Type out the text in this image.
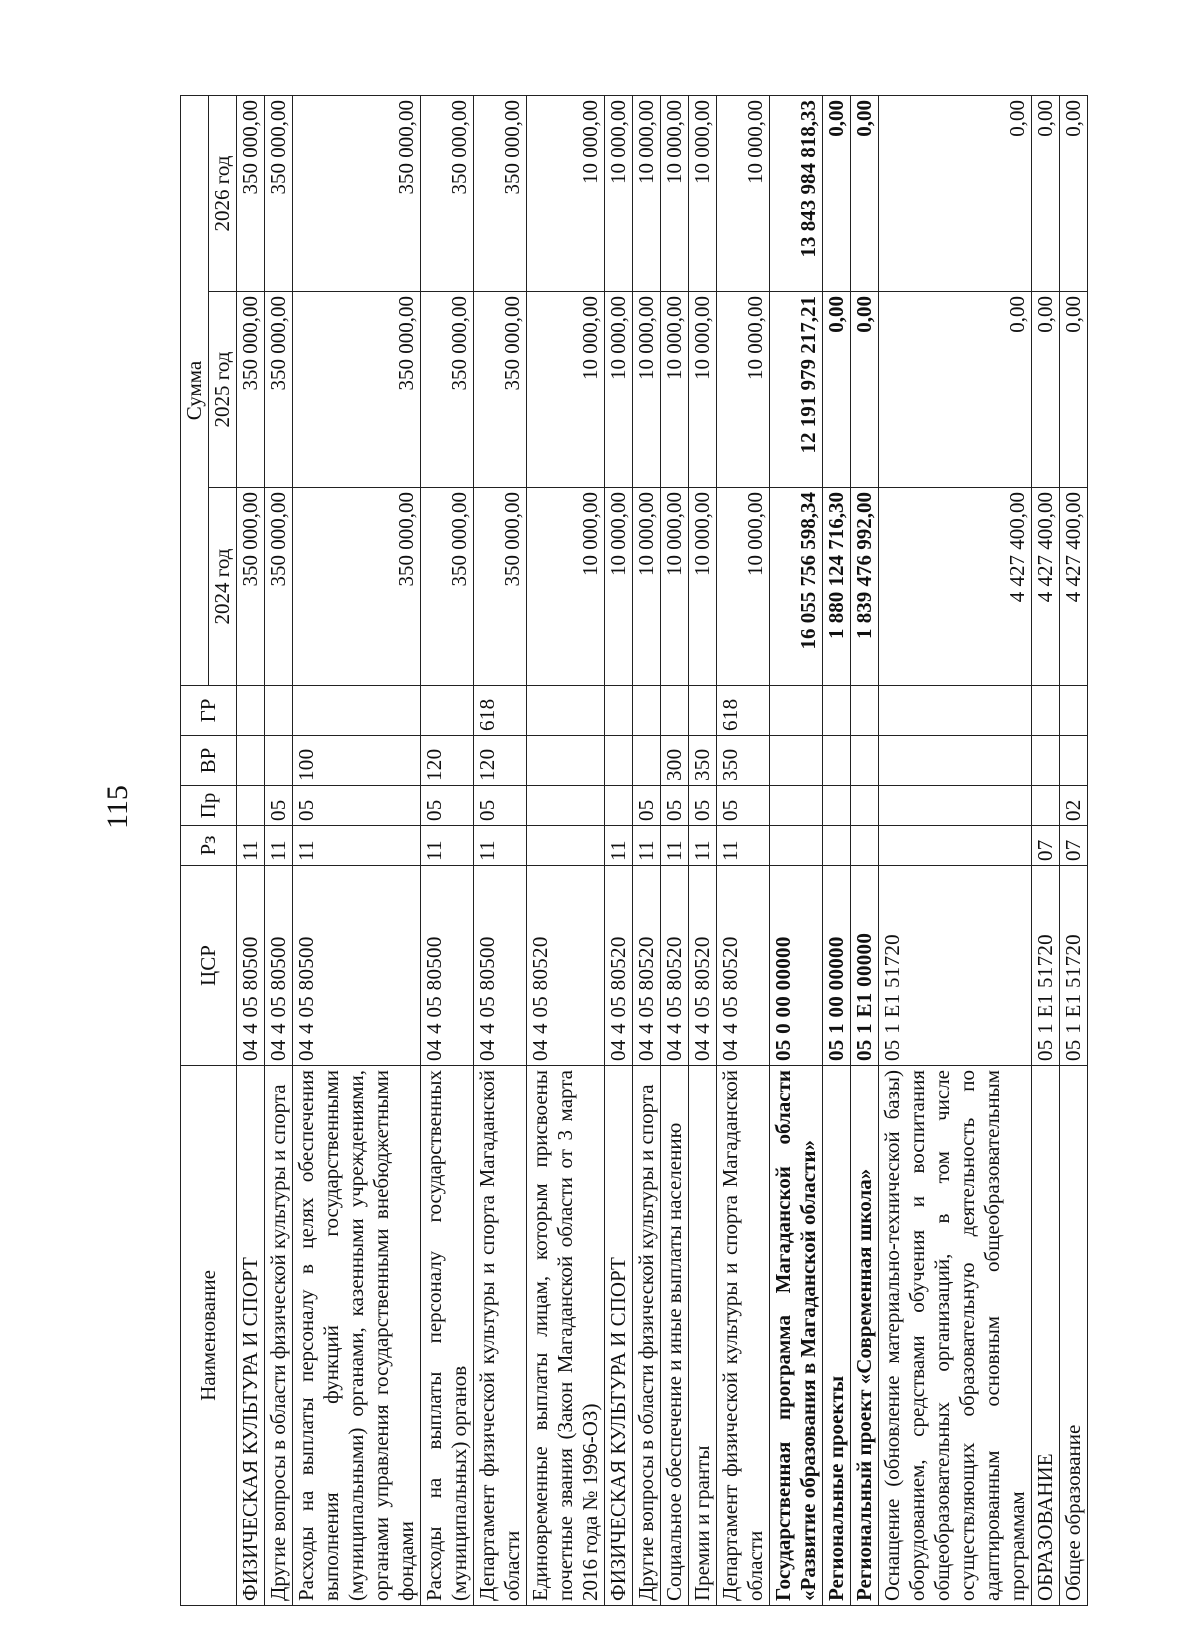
115
Наименование	ЦСР	Рз	Пр	ВР	ГР	Сумма		
						2024 год	2025 год	2026 год
ФИЗИЧЕСКАЯ КУЛЬТУРА И СПОРТ	04 4 05 80500	11				350 000,00	350 000,00	350 000,00
Другие вопросы в области физической культуры и спорта	04 4 05 80500	11	05			350 000,00	350 000,00	350 000,00
Расходы на выплаты персоналу в целях обеспечения выполнения функций государственными (муниципальными) органами, казенными учреждениями, органами управления государственными внебюджетными фондами	04 4 05 80500	11	05	100		350 000,00	350 000,00	350 000,00
Расходы на выплаты персоналу государственных (муниципальных) органов	04 4 05 80500	11	05	120		350 000,00	350 000,00	350 000,00
Департамент физической культуры и спорта Магаданской области	04 4 05 80500	11	05	120	618	350 000,00	350 000,00	350 000,00
Единовременные выплаты лицам, которым присвоены почетные звания (Закон Магаданской области от 3 марта 2016 года № 1996-ОЗ)	04 4 05 80520					10 000,00	10 000,00	10 000,00
ФИЗИЧЕСКАЯ КУЛЬТУРА И СПОРТ	04 4 05 80520	11				10 000,00	10 000,00	10 000,00
Другие вопросы в области физической культуры и спорта	04 4 05 80520	11	05			10 000,00	10 000,00	10 000,00
Социальное обеспечение и иные выплаты населению	04 4 05 80520	11	05	300		10 000,00	10 000,00	10 000,00
Премии и гранты	04 4 05 80520	11	05	350		10 000,00	10 000,00	10 000,00
Департамент физической культуры и спорта Магаданской области	04 4 05 80520	11	05	350	618	10 000,00	10 000,00	10 000,00
Государственная программа Магаданской области «Развитие образования в Магаданской области»	05 0 00 00000					16 055 756 598,34	12 191 979 217,21	13 843 984 818,33
Региональные проекты	05 1 00 00000					1 880 124 716,30	0,00	0,00
Региональный проект «Современная школа»	05 1 Е1 00000					1 839 476 992,00	0,00	0,00
Оснащение (обновление материально-технической базы) оборудованием, средствами обучения и воспитания общеобразовательных организаций, в том числе осуществляющих образовательную деятельность по адаптированным основным общеобразовательным программам	05 1 Е1 51720					4 427 400,00	0,00	0,00
ОБРАЗОВАНИЕ	05 1 Е1 51720	07				4 427 400,00	0,00	0,00
Общее образование	05 1 Е1 51720	07	02			4 427 400,00	0,00	0,00
